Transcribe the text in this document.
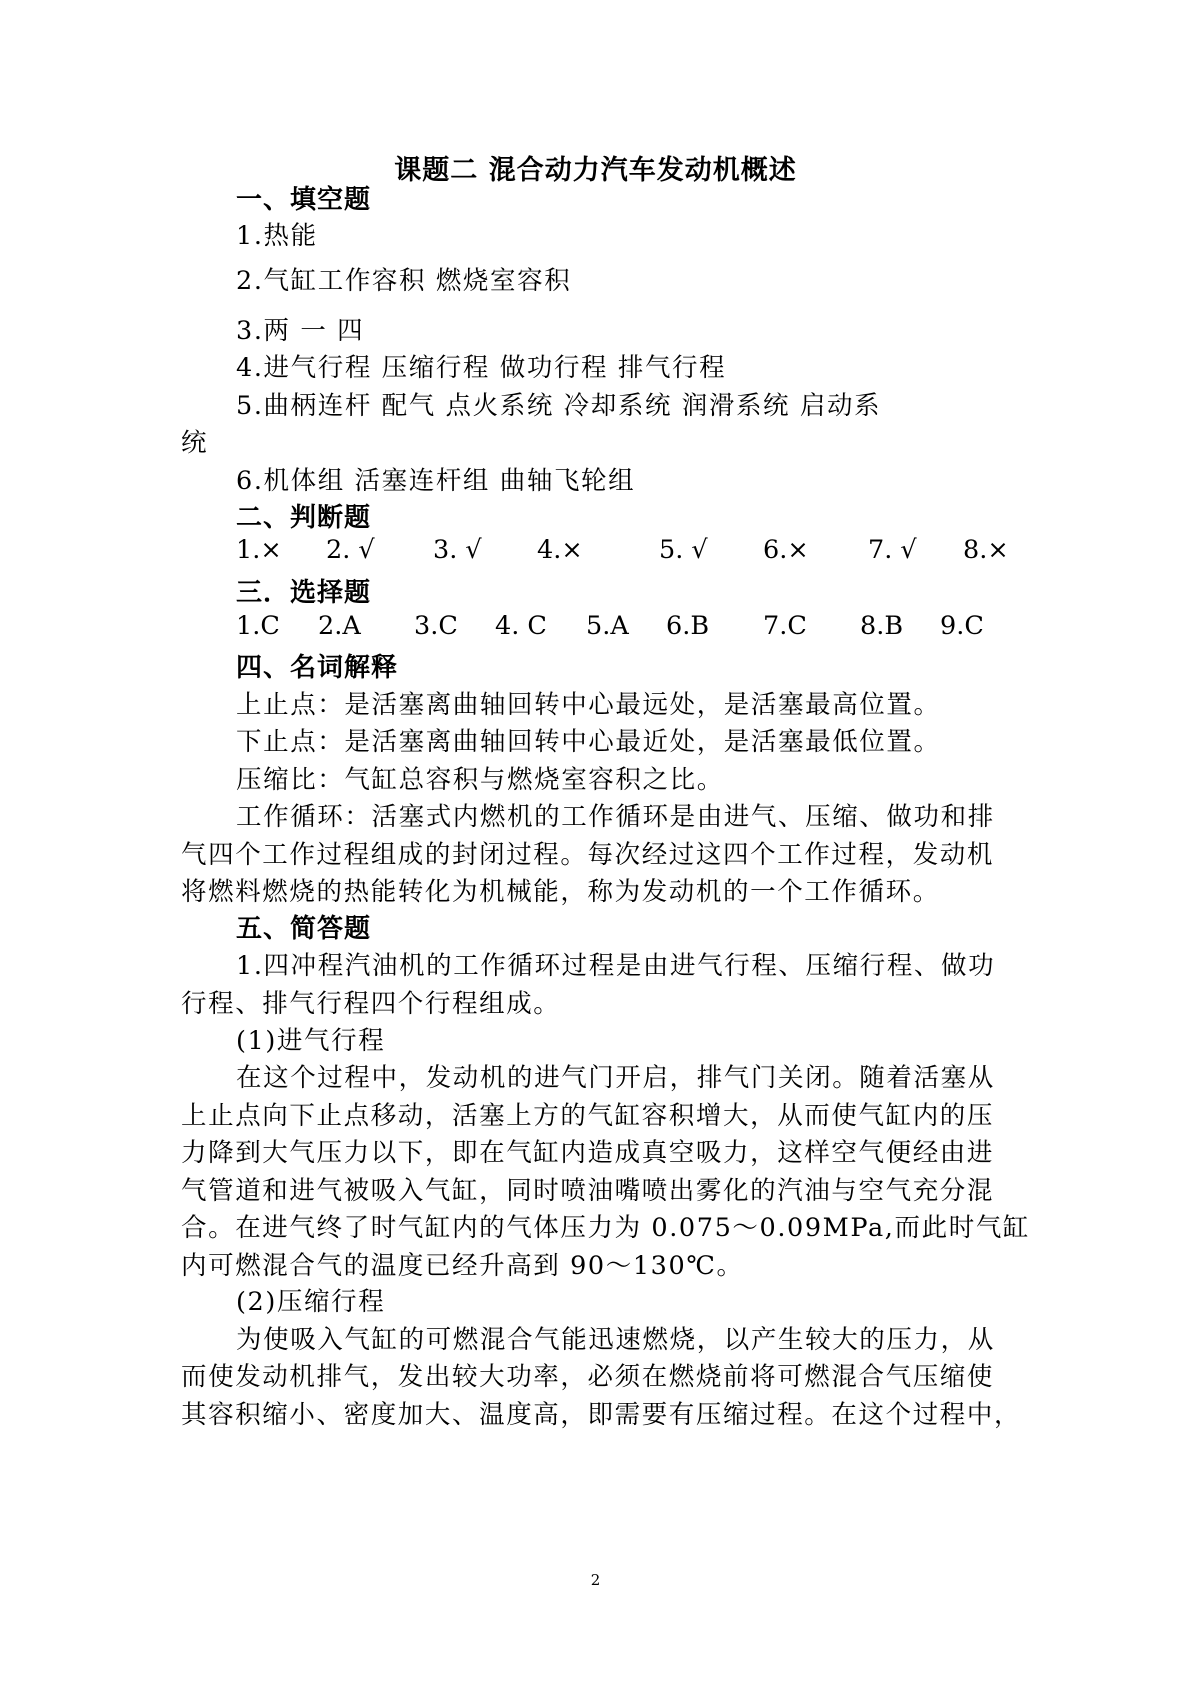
课题二 混合动力汽车发动机概述
一、填空题
1.热能
2.气缸工作容积 燃烧室容积
3.两 一 四
4.进气行程 压缩行程 做功行程 排气行程
5.曲柄连杆 配气 点火系统 冷却系统 润滑系统 启动系
统
6.机体组 活塞连杆组 曲轴飞轮组
二、判断题
1.× 2. √ 3. √ 4.×	5. √ 6.× 7. √ 8.×
三．选择题
1.C 2.A 3.C 4. C 5.A 6.B 7.C 8.B 9.C
四、名词解释
上止点：是活塞离曲轴回转中心最远处，是活塞最高位置。
下止点：是活塞离曲轴回转中心最近处，是活塞最低位置。
压缩比：气缸总容积与燃烧室容积之比。
工作循环：活塞式内燃机的工作循环是由进气、压缩、做功和排
气四个工作过程组成的封闭过程。每次经过这四个工作过程，发动机
将燃料燃烧的热能转化为机械能，称为发动机的一个工作循环。
五、简答题
1.四冲程汽油机的工作循环过程是由进气行程、压缩行程、做功
行程、排气行程四个行程组成。
(1)进气行程
在这个过程中，发动机的进气门开启，排气门关闭。随着活塞从
上止点向下止点移动，活塞上方的气缸容积增大，从而使气缸内的压
力降到大气压力以下，即在气缸内造成真空吸力，这样空气便经由进
气管道和进气被吸入气缸，同时喷油嘴喷出雾化的汽油与空气充分混
合。在进气终了时气缸内的气体压力为 0.075～0.09MPa,而此时气缸
内可燃混合气的温度已经升高到 90～130℃。
(2)压缩行程
为使吸入气缸的可燃混合气能迅速燃烧，以产生较大的压力，从
而使发动机排气，发出较大功率，必须在燃烧前将可燃混合气压缩使
其容积缩小、密度加大、温度高，即需要有压缩过程。在这个过程中，
2
